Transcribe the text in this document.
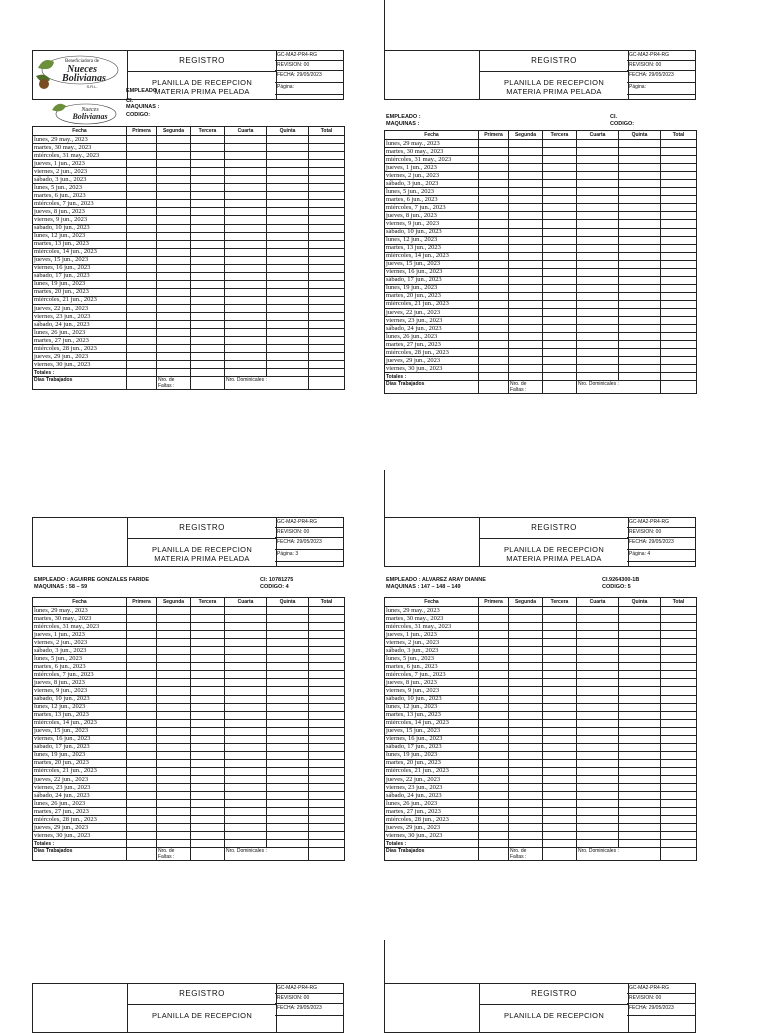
REGISTRO
PLANILLA DE RECEPCION
MATERIA PRIMA PELADA
GC-MA2-PR4-RG
REVISION: 00
FECHA: 29/05/2023
Página:
Beneficiadora de
Nueces
Bolivianas
S.R.L.
Nueces
Bolivianas
EMPLEADO :
MAQUINAS :
CODIGO:
CI.
Fecha	Primera	Segunda	Tercera	Cuarta	Quinta	Total
lunes, 29 may., 2023						
martes, 30 may., 2023						
miércoles, 31 may., 2023						
jueves, 1 jun., 2023						
viernes, 2 jun., 2023						
sábado, 3 jun., 2023						
lunes, 5 jun., 2023						
martes, 6 jun., 2023						
miércoles, 7 jun., 2023						
jueves, 8 jun., 2023						
viernes, 9 jun., 2023						
sábado, 10 jun., 2023						
lunes, 12 jun., 2023						
martes, 13 jun., 2023						
miércoles, 14 jun., 2023						
jueves, 15 jun., 2023						
viernes, 16 jun., 2023						
sábado, 17 jun., 2023						
lunes, 19 jun., 2023						
martes, 20 jun., 2023						
miércoles, 21 jun., 2023						
jueves, 22 jun., 2023						
viernes, 23 jun., 2023						
sábado, 24 jun., 2023						
lunes, 26 jun., 2023						
martes, 27 jun., 2023						
miércoles, 28 jun., 2023						
jueves, 29 jun., 2023						
viernes, 30 jun., 2023						
Totales :						
Días Trabajados		Nro. de Faltas :		Nro. Dominicales :		
REGISTRO
PLANILLA DE RECEPCION
MATERIA PRIMA PELADA
GC-MA2-PR4-RG
REVISION: 00
FECHA: 29/05/2023
Página:
EMPLEADO :
MAQUINAS :
CI.
CODIGO:
Fecha	Primera	Segunda	Tercera	Cuarta	Quinta	Total
lunes, 29 may., 2023						
martes, 30 may., 2023						
miércoles, 31 may., 2023						
jueves, 1 jun., 2023						
viernes, 2 jun., 2023						
sábado, 3 jun., 2023						
lunes, 5 jun., 2023						
martes, 6 jun., 2023						
miércoles, 7 jun., 2023						
jueves, 8 jun., 2023						
viernes, 9 jun., 2023						
sábado, 10 jun., 2023						
lunes, 12 jun., 2023						
martes, 13 jun., 2023						
miércoles, 14 jun., 2023						
jueves, 15 jun., 2023						
viernes, 16 jun., 2023						
sábado, 17 jun., 2023						
lunes, 19 jun., 2023						
martes, 20 jun., 2023						
miércoles, 21 jun., 2023						
jueves, 22 jun., 2023						
viernes, 23 jun., 2023						
sábado, 24 jun., 2023						
lunes, 26 jun., 2023						
martes, 27 jun., 2023						
miércoles, 28 jun., 2023						
jueves, 29 jun., 2023						
viernes, 30 jun., 2023						
Totales :						
Días Trabajados		Nro. de Faltas :		Nro. Dominicales :		
REGISTRO
PLANILLA DE RECEPCION
MATERIA PRIMA PELADA
GC-MA2-PR4-RG
REVISION: 00
FECHA: 29/05/2023
Página: 3
EMPLEADO : AGUIRRE GONZALES FARIDE
MAQUINAS : 58 – 59
CI: 10781275
CODIGO: 4
Fecha	Primera	Segunda	Tercera	Cuarta	Quinta	Total
lunes, 29 may., 2023						
martes, 30 may., 2023						
miércoles, 31 may., 2023						
jueves, 1 jun., 2023						
viernes, 2 jun., 2023						
sábado, 3 jun., 2023						
lunes, 5 jun., 2023						
martes, 6 jun., 2023						
miércoles, 7 jun., 2023						
jueves, 8 jun., 2023						
viernes, 9 jun., 2023						
sábado, 10 jun., 2023						
lunes, 12 jun., 2023						
martes, 13 jun., 2023						
miércoles, 14 jun., 2023						
jueves, 15 jun., 2023						
viernes, 16 jun., 2023						
sábado, 17 jun., 2023						
lunes, 19 jun., 2023						
martes, 20 jun., 2023						
miércoles, 21 jun., 2023						
jueves, 22 jun., 2023						
viernes, 23 jun., 2023						
sábado, 24 jun., 2023						
lunes, 26 jun., 2023						
martes, 27 jun., 2023						
miércoles, 28 jun., 2023						
jueves, 29 jun., 2023						
viernes, 30 jun., 2023						
Totales :						
Días Trabajados		Nro. de Faltas :		Nro. Dominicales :		
REGISTRO
PLANILLA DE RECEPCION
MATERIA PRIMA PELADA
GC-MA2-PR4-RG
REVISION: 00
FECHA: 29/05/2023
Página: 4
EMPLEADO : ALVAREZ ARAY DIANNE
MAQUINAS : 147 – 148 – 149
CI.9264300-1B
CODIGO: 5
Fecha	Primera	Segunda	Tercera	Cuarta	Quinta	Total
lunes, 29 may., 2023						
martes, 30 may., 2023						
miércoles, 31 may., 2023						
jueves, 1 jun., 2023						
viernes, 2 jun., 2023						
sábado, 3 jun., 2023						
lunes, 5 jun., 2023						
martes, 6 jun., 2023						
miércoles, 7 jun., 2023						
jueves, 8 jun., 2023						
viernes, 9 jun., 2023						
sábado, 10 jun., 2023						
lunes, 12 jun., 2023						
martes, 13 jun., 2023						
miércoles, 14 jun., 2023						
jueves, 15 jun., 2023						
viernes, 16 jun., 2023						
sábado, 17 jun., 2023						
lunes, 19 jun., 2023						
martes, 20 jun., 2023						
miércoles, 21 jun., 2023						
jueves, 22 jun., 2023						
viernes, 23 jun., 2023						
sábado, 24 jun., 2023						
lunes, 26 jun., 2023						
martes, 27 jun., 2023						
miércoles, 28 jun., 2023						
jueves, 29 jun., 2023						
viernes, 30 jun., 2023						
Totales :						
Días Trabajados		Nro. de Faltas :		Nro. Dominicales :		
REGISTRO
PLANILLA DE RECEPCION
GC-MA2-PR4-RG
REVISION: 00
FECHA: 29/05/2023
REGISTRO
PLANILLA DE RECEPCION
GC-MA2-PR4-RG
REVISION: 00
FECHA: 29/05/2023
